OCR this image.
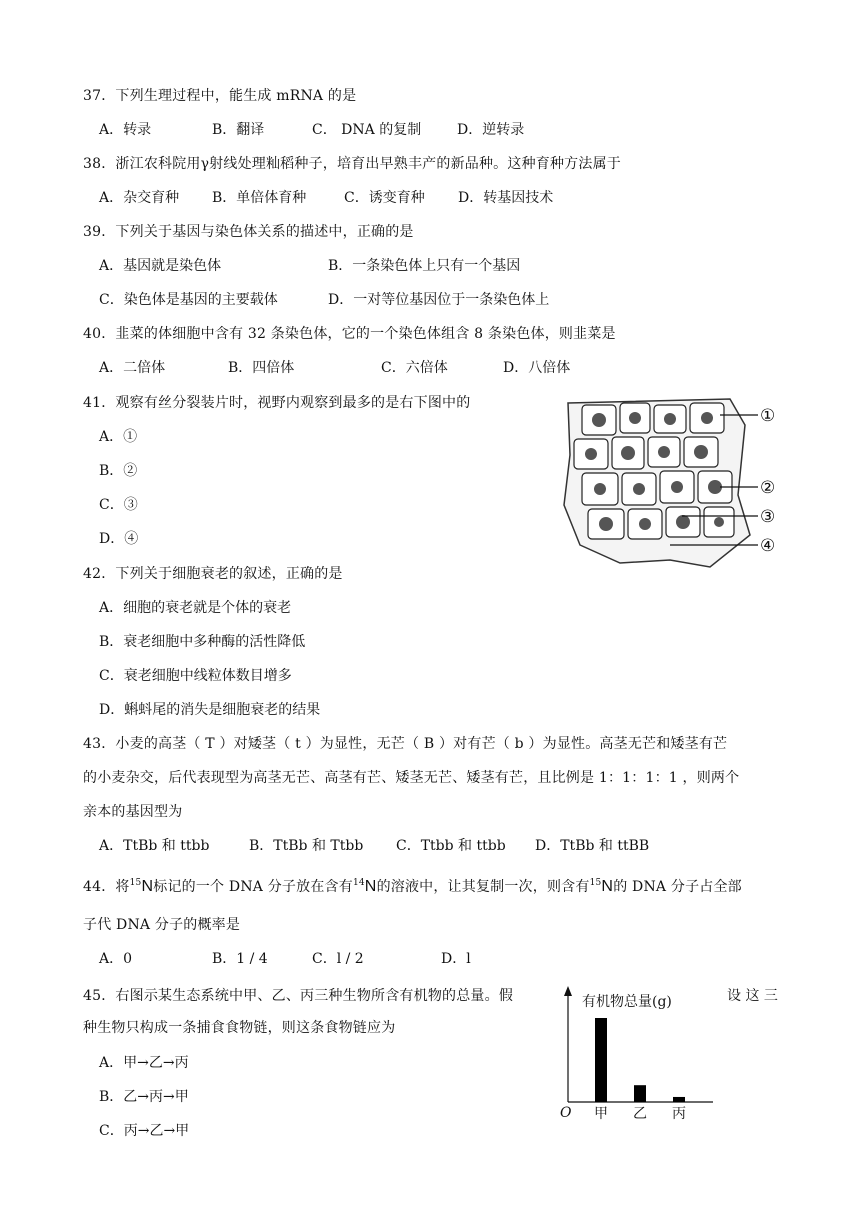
37．下列生理过程中，能生成 mRNA 的是
A．转录	B．翻译	C． DNA 的复制	D．逆转录
38．浙江农科院用γ射线处理籼稻种子，培育出早熟丰产的新品种。这种育种方法属于
A．杂交育种 B．单倍体育种	C．诱变育种 D．转基因技术
39．下列关于基因与染色体关系的描述中，正确的是
A．基因就是染色体	B．一条染色体上只有一个基因
C．染色体是基因的主要载体	D．一对等位基因位于一条染色体上
40．韭菜的体细胞中含有 32 条染色体，它的一个染色体组含 8 条染色体，则韭菜是
A．二倍体	B．四倍体	C．六倍体	D．八倍体
41．观察有丝分裂装片时，视野内观察到最多的是右下图中的
A．①
B．②
C．③
D．④
①
②
③
④
42．下列关于细胞衰老的叙述，正确的是
A．细胞的衰老就是个体的衰老
B．衰老细胞中多种酶的活性降低
C．衰老细胞中线粒体数目增多
D．蝌蚪尾的消失是细胞衰老的结果
43．小麦的高茎（ T ）对矮茎（ t ）为显性，无芒（ B ）对有芒（ b ）为显性。高茎无芒和矮茎有芒
的小麦杂交，后代表现型为高茎无芒、高茎有芒、矮茎无芒、矮茎有芒，且比例是 1：1：1：1 ，则两个
亲本的基因型为
A．TtBb 和 ttbb	B．TtBb 和 Ttbb C．Ttbb 和 ttbb D．TtBb 和 ttBB
44．将$^{15}$N标记的一个 DNA 分子放在含有$^{14}$N的溶液中，让其复制一次，则含有$^{15}$N的 DNA 分子占全部
子代 DNA 分子的概率是
A．0	B．1 / 4	C．l / 2	D．l
45．右图示某生态系统中甲、乙、丙三种生物所含有机物的总量。假	设 这 三
种生物只构成一条捕食食物链，则这条食物链应为
A．甲→乙→丙
B．乙→丙→甲
C．丙→乙→甲
有机物总量(g)
O 甲 乙 丙
